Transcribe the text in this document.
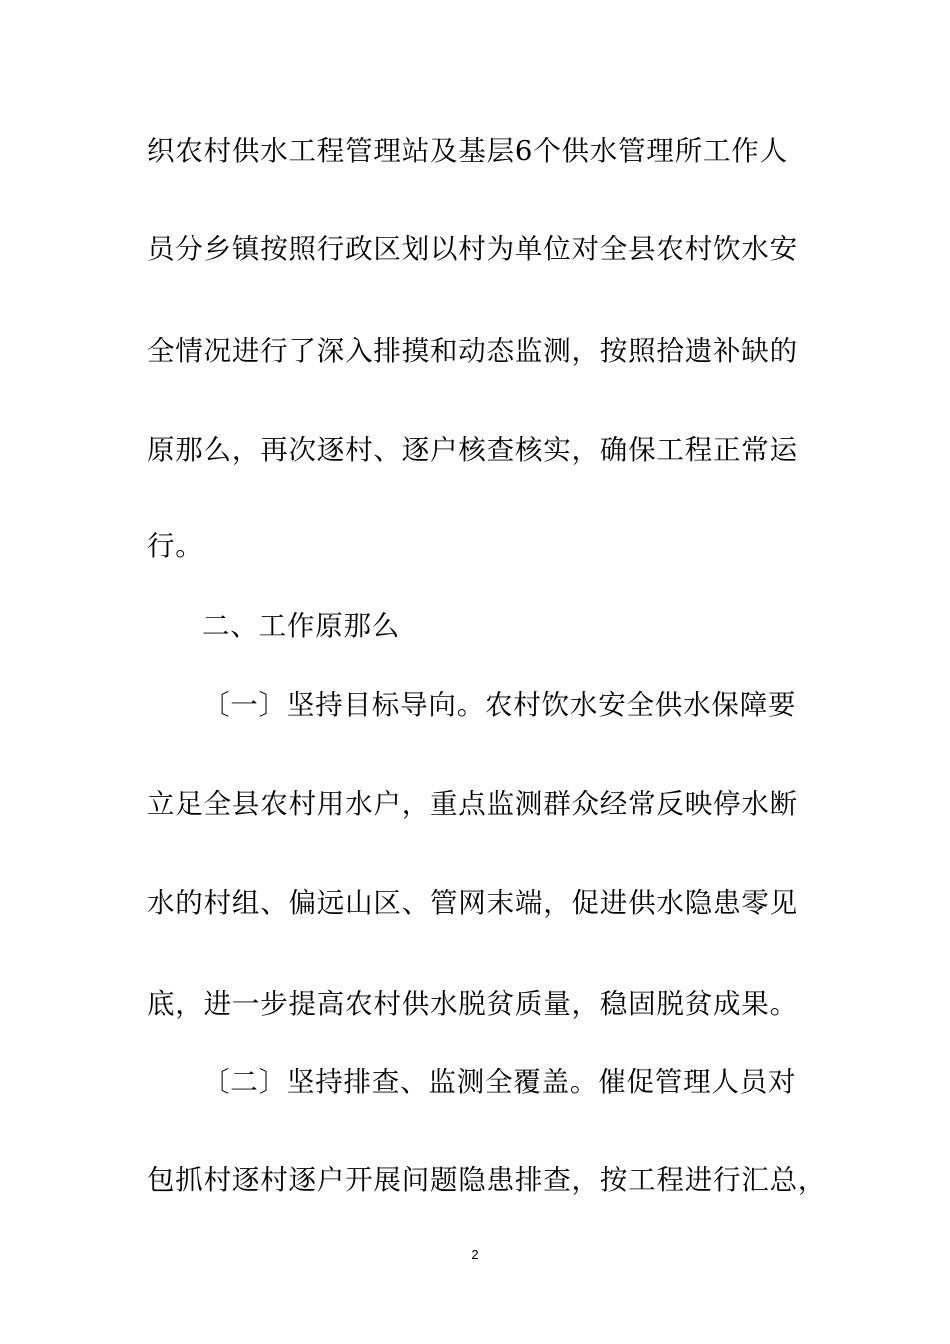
织农村供水工程管理站及基层6个供水管理所工作人
员分乡镇按照行政区划以村为单位对全县农村饮水安
全情况进行了深入排摸和动态监测，按照拾遗补缺的
原那么，再次逐村、逐户核查核实，确保工程正常运
行。
二、工作原那么
〔一〕坚持目标导向。农村饮水安全供水保障要
立足全县农村用水户，重点监测群众经常反映停水断
水的村组、偏远山区、管网末端，促进供水隐患零见
底，进一步提高农村供水脱贫质量，稳固脱贫成果。
〔二〕坚持排查、监测全覆盖。催促管理人员对
包抓村逐村逐户开展问题隐患排查，按工程进行汇总，
2
